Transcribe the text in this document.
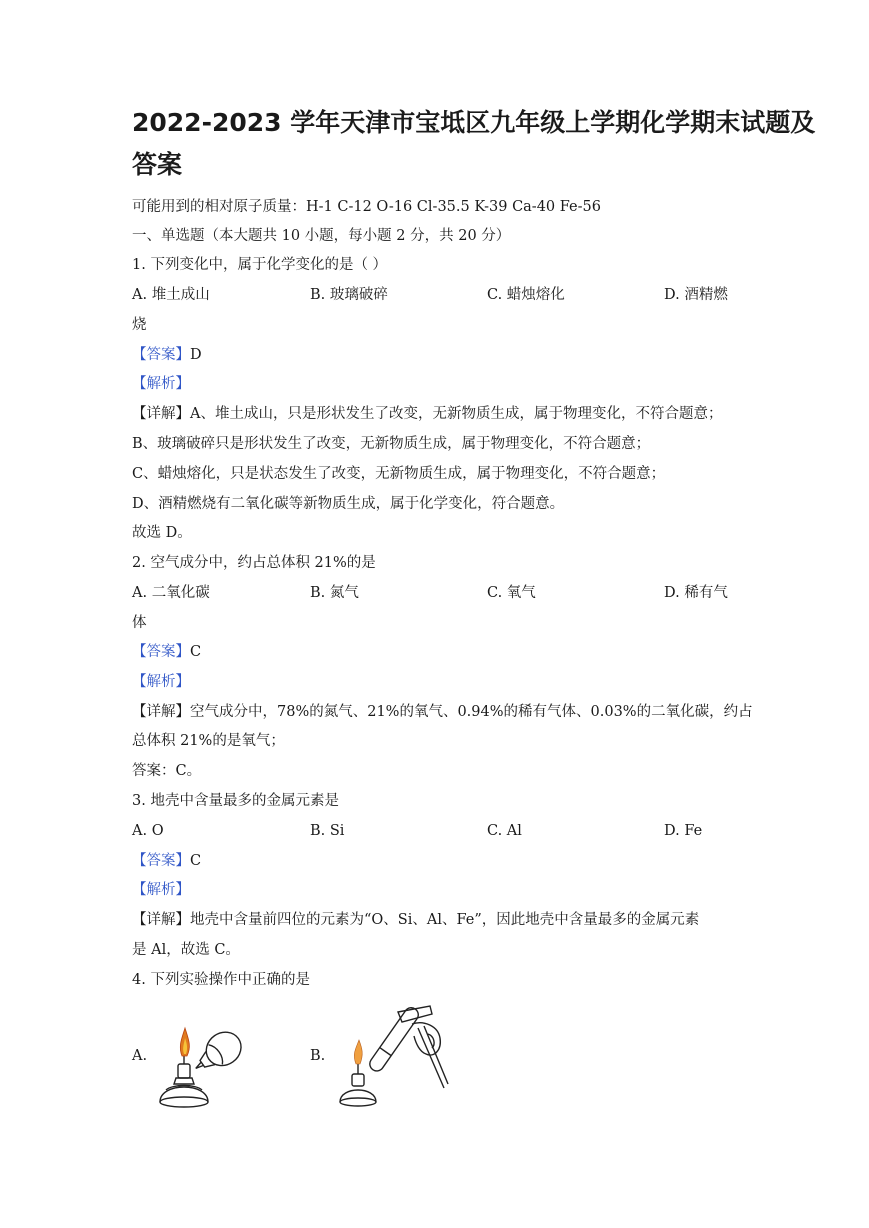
2022-2023 学年天津市宝坻区九年级上学期化学期末试题及
答案
可能用到的相对原子质量：H-1 C-12 O-16 Cl-35.5 K-39 Ca-40 Fe-56
一、单选题（本大题共 10 小题，每小题 2 分，共 20 分）
1. 下列变化中，属于化学变化的是（ ）
A. 堆土成山	B. 玻璃破碎	C. 蜡烛熔化	D. 酒精燃
烧
【答案】D
【解析】
【详解】A、堆土成山，只是形状发生了改变，无新物质生成，属于物理变化，不符合题意；
B、玻璃破碎只是形状发生了改变，无新物质生成，属于物理变化，不符合题意；
C、蜡烛熔化，只是状态发生了改变，无新物质生成，属于物理变化，不符合题意；
D、酒精燃烧有二氧化碳等新物质生成，属于化学变化，符合题意。
故选 D。
2. 空气成分中，约占总体积 21%的是
A. 二氧化碳	B. 氮气	C. 氧气	D. 稀有气
体
【答案】C
【解析】
【详解】空气成分中，78%的氮气、21%的氧气、0.94%的稀有气体、0.03%的二氧化碳，约占
总体积 21%的是氧气；
答案：C。
3. 地壳中含量最多的金属元素是
A. O	B. Si	C. Al	D. Fe
【答案】C
【解析】
【详解】地壳中含量前四位的元素为“O、Si、Al、Fe”，因此地壳中含量最多的金属元素
是 Al，故选 C。
4. 下列实验操作中正确的是
A.	B.
